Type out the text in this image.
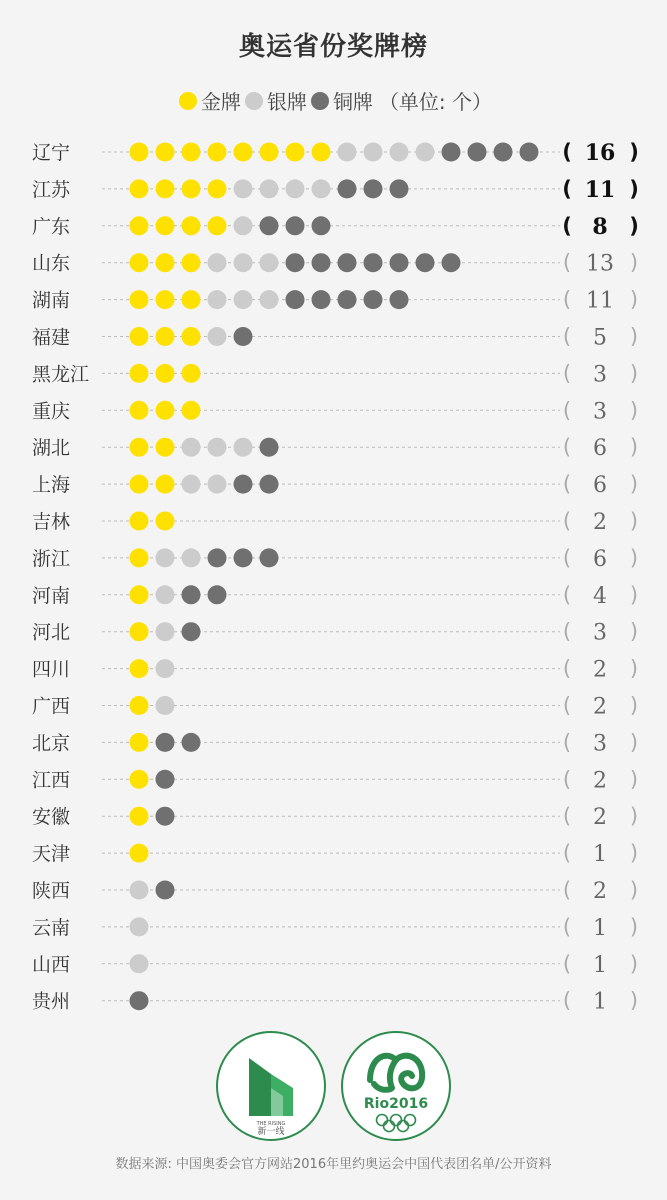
奥运省份奖牌榜
金牌 银牌 铜牌 （单位: 个）
辽宁	( 16 )
江苏	( 11 )
广东	( 8 )
山东	( 13 )
湖南	( 11 )
福建	( 5 )
黑龙江	( 3 )
重庆	( 3 )
湖北	( 6 )
上海	( 6 )
吉林	( 2 )
浙江	( 6 )
河南	( 4 )
河北	( 3 )
四川	( 2 )
广西	( 2 )
北京	( 3 )
江西	( 2 )
安徽	( 2 )
天津	( 1 )
陕西	( 2 )
云南	( 1 )
山西	( 1 )
贵州	( 1 )
THE RISING
新一线
Rio2016
数据来源: 中国奥委会官方网站2016年里约奥运会中国代表团名单/公开资料
